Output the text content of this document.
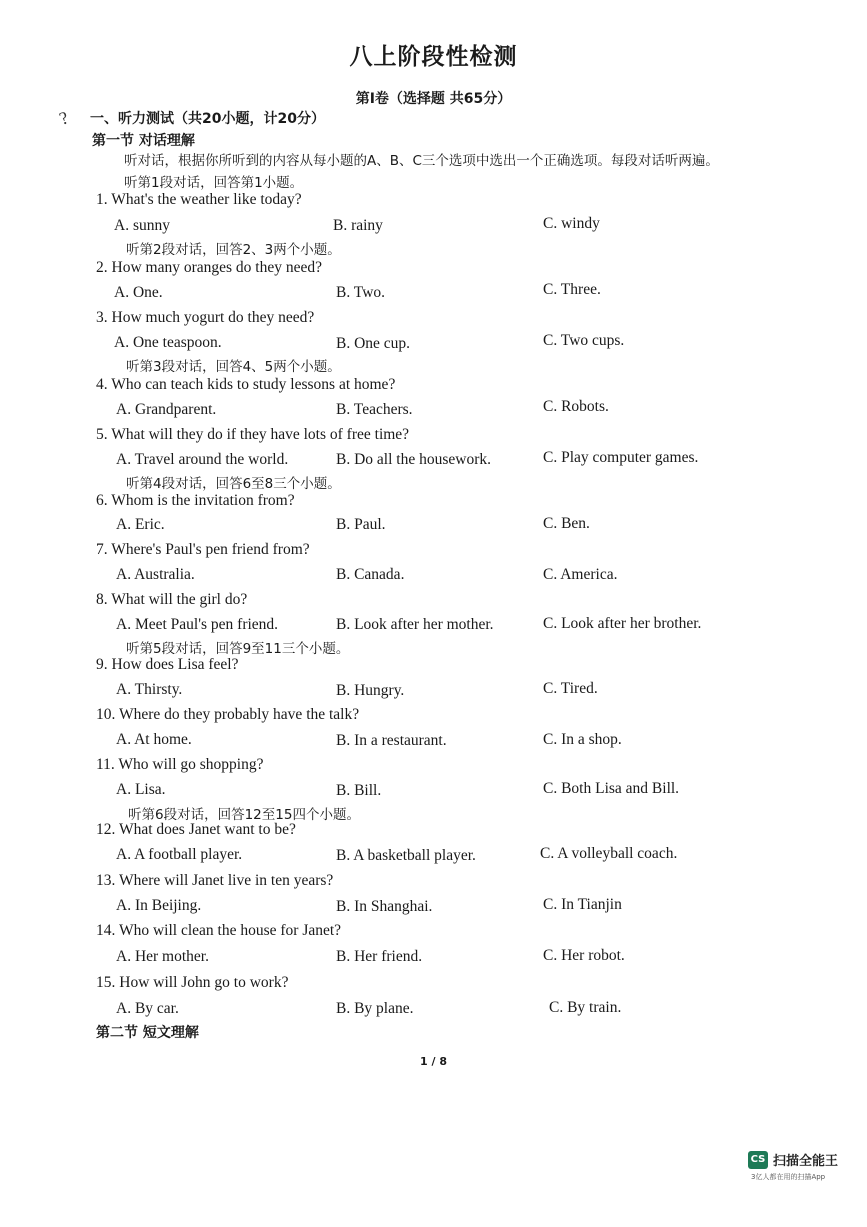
八上阶段性检测
第Ⅰ卷（选择题 共65分）
? 一、听力测试（共20小题，计20分）
第一节 对话理解
听对话，根据你所听到的内容从每小题的A、B、C三个选项中选出一个正确选项。每段对话听两遍。
听第1段对话，回答第1小题。
1. What's the weather like today?
A. sunny	B. rainy	C. windy
听第2段对话，回答2、3两个小题。
2. How many oranges do they need?
A. One.	B. Two.	C. Three.
3. How much yogurt do they need?
A. One teaspoon.	B. One cup.	C. Two cups.
听第3段对话，回答4、5两个小题。
4. Who can teach kids to study lessons at home?
A. Grandparent.	B. Teachers.	C. Robots.
5. What will they do if they have lots of free time?
A. Travel around the world.	B. Do all the housework.	C. Play computer games.
听第4段对话，回答6至8三个小题。
6. Whom is the invitation from?
A. Eric.	B. Paul.	C. Ben.
7. Where's Paul's pen friend from?
A. Australia.	B. Canada.	C. America.
8. What will the girl do?
A. Meet Paul's pen friend.	B. Look after her mother.	C. Look after her brother.
听第5段对话，回答9至11三个小题。
9. How does Lisa feel?
A. Thirsty.	B. Hungry.	C. Tired.
10. Where do they probably have the talk?
A. At home.	B. In a restaurant.	C. In a shop.
11. Who will go shopping?
A. Lisa.	B. Bill.	C. Both Lisa and Bill.
听第6段对话，回答12至15四个小题。
12. What does Janet want to be?
A. A football player.	B. A basketball player.	C. A volleyball coach.
13. Where will Janet live in ten years?
A. In Beijing.	B. In Shanghai.	C. In Tianjin
14. Who will clean the house for Janet?
A. Her mother.	B. Her friend.	C. Her robot.
15. How will John go to work?
A. By car.	B. By plane.	C. By train.
第二节 短文理解
1 / 8
CS 扫描全能王
3亿人都在用的扫描App
